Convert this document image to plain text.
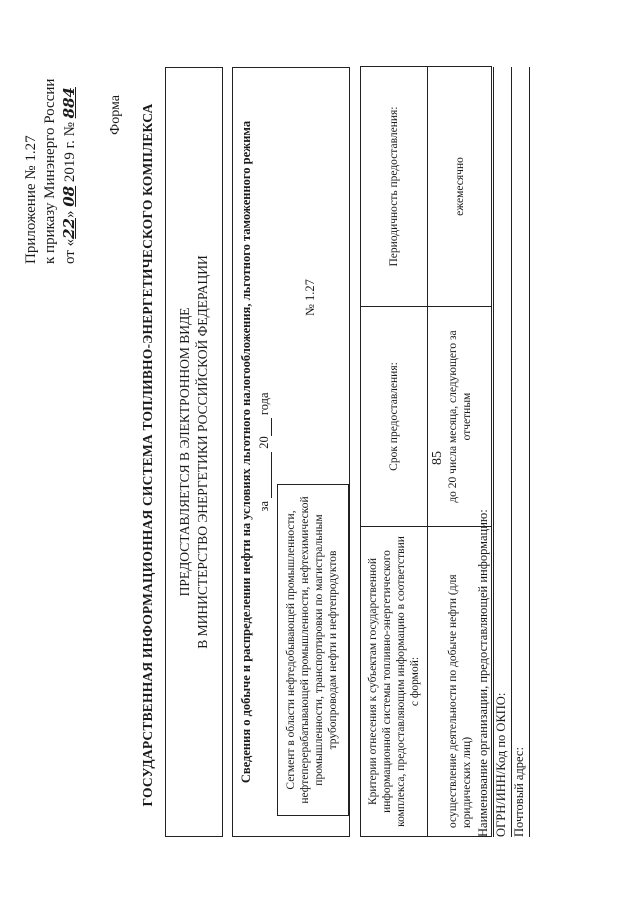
85
Приложение № 1.27 к приказу Минэнерго России от «22» 08 2019 г. № 884 Форма ГОСУДАРСТВЕННАЯ ИНФОРМАЦИОННАЯ СИСТЕМА ТОПЛИВНО-ЭНЕРГЕТИЧЕСКОГО КОМПЛЕКСА ПРЕДОСТАВЛЯЕТСЯ В ЭЛЕКТРОННОМ ВИДЕ В МИНИСТЕРСТВО ЭНЕРГЕТИКИ РОССИЙСКОЙ ФЕДЕРАЦИИ Сведения о добыче и распределении нефти на условиях льготного налогообложения, льготного таможенного режима за  20 года
Сегмент в области нефтедобывающей промышленности, нефтеперерабатывающей промышленности, нефтехимической промышленности, транспортировки по магистральным трубопроводам нефти и нефтепродуктов
№ 1.27
Критерии отнесения к субъектам государственной информационной системы топливно-энергетического комплекса, предоставляющим информацию в соответствии с формой:	Срок предоставления:	Периодичность предоставления:
осуществление деятельности по добыче нефти (для юридических лиц)	до 20 числа месяца, следующего за отчетным	ежемесячно
Наименование организации, предоставляющей информацию: ОГРН/ИНН/Код по ОКПО: Почтовый адрес:
